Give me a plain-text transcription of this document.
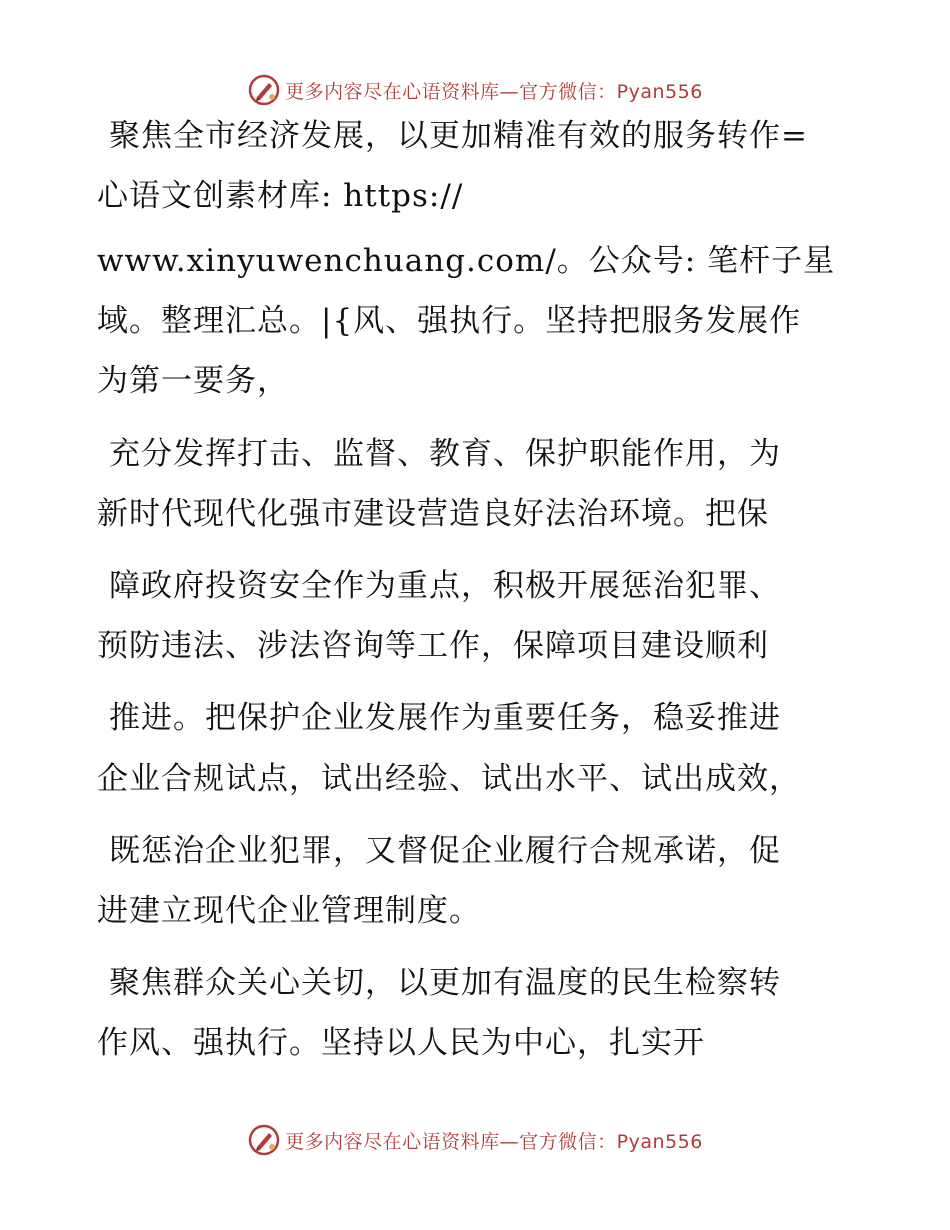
更多内容尽在心语资料库—官方微信：Pyan556
聚焦全市经济发展，以更加精准有效的服务转作=
心语文创素材库: https://
www.xinyuwenchuang.com/。公众号: 笔杆子星
域。整理汇总。|{风、强执行。坚持把服务发展作
为第一要务，
充分发挥打击、监督、教育、保护职能作用，为
新时代现代化强市建设营造良好法治环境。把保
障政府投资安全作为重点，积极开展惩治犯罪、
预防违法、涉法咨询等工作，保障项目建设顺利
推进。把保护企业发展作为重要任务，稳妥推进
企业合规试点，试出经验、试出水平、试出成效，
既惩治企业犯罪，又督促企业履行合规承诺，促
进建立现代企业管理制度。
聚焦群众关心关切，以更加有温度的民生检察转
作风、强执行。坚持以人民为中心，扎实开
更多内容尽在心语资料库—官方微信：Pyan556
